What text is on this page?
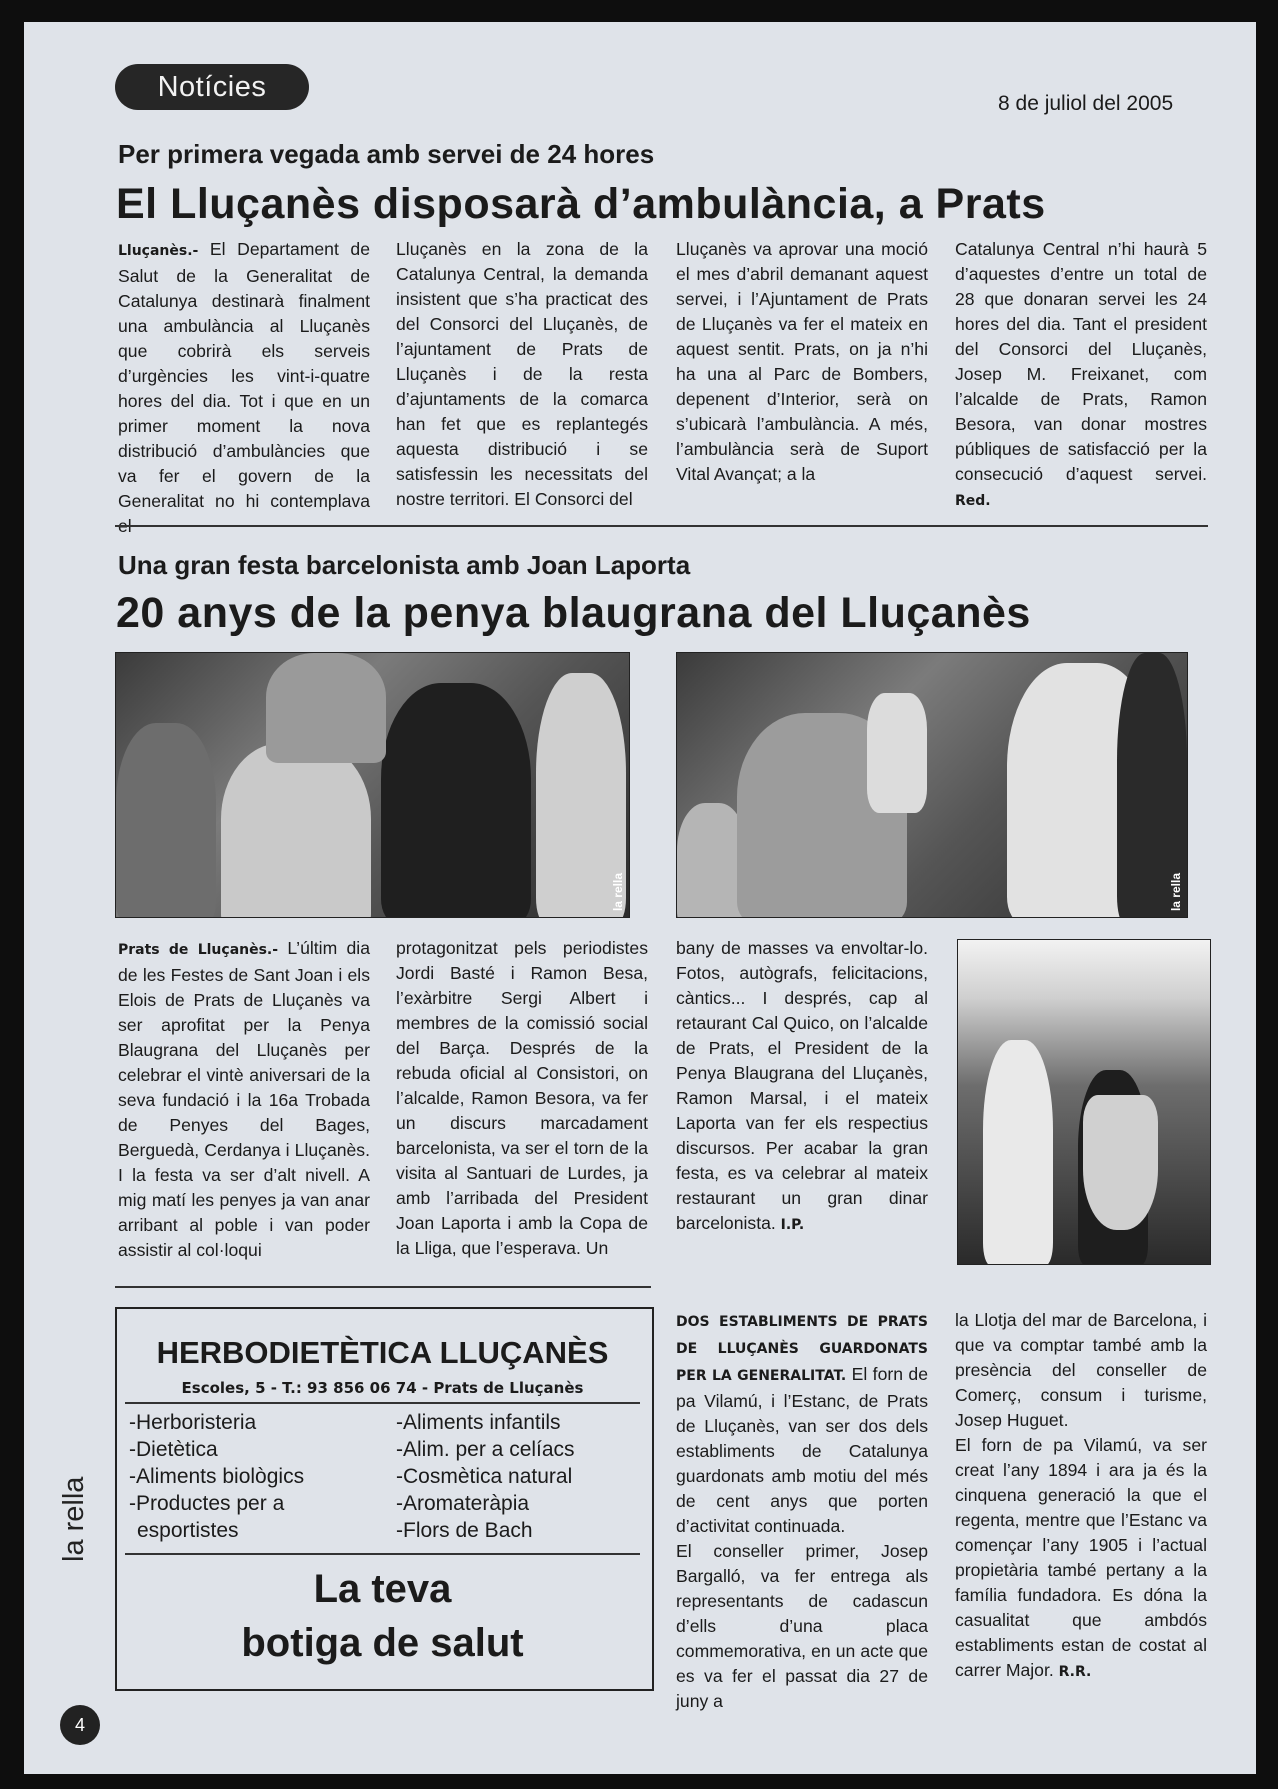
Notícies
8 de juliol del 2005
Per primera vegada amb servei de 24 hores
El Lluçanès disposarà d’ambulància, a Prats

Lluçanès.- El Departament de Salut de la Generalitat de Catalunya destinarà finalment una ambulància al Lluçanès que cobrirà els serveis d’urgències les vint-i-quatre hores del dia. Tot i que en un primer moment la nova distribució d’ambulàncies que va fer el govern de la Generalitat no hi contemplava

Lluçanès en la zona de la Catalunya Central, la demanda insistent que s’ha practicat des del Consorci del Lluçanès, de l’ajuntament de Prats de Lluçanès i de la resta d’ajuntaments de la comarca han fet que es replantegés aquesta distribució i se satisfessin les necessitats del nostre territori. El Consorci del

Lluçanès va aprovar una moció el mes d’abril demanant aquest servei, i l’Ajuntament de Prats de Lluçanès va fer el mateix en aquest sentit. Prats, on ja n’hi ha una al Parc de Bombers, depenent d’Interior, serà on s’ubicarà l’ambulància. A més, l’ambulància serà de Suport Vital Avançat; a la

Catalunya Central n’hi haurà 5 d’aquestes d’entre un total de 28 que donaran servei les 24 hores del dia. Tant el president del Consorci del Lluçanès, Josep M. Freixanet, com l’alcalde de Prats, Ramon Besora, van donar mostres públiques de satisfacció per la consecució d’aquest servei. Red.

Una gran festa barcelonista amb Joan Laporta
20 anys de la penya blaugrana del Lluçanès
la rella	la rella

Prats de Lluçanès.- L’últim dia de les Festes de Sant Joan i els Elois de Prats de Lluçanès va ser aprofitat per la Penya Blaugrana del Lluçanès per celebrar el vintè aniversari de la seva fundació i la 16a Trobada de Penyes del Bages, Berguedà, Cerdanya i Lluçanès. I la festa va ser d’alt nivell. A mig matí les penyes ja van anar arribant al poble i van poder assistir al col·loqui

protagonitzat pels periodistes Jordi Basté i Ramon Besa, l’exàrbitre Sergi Albert i membres de la comissió social del Barça. Després de la rebuda oficial al Consistori, on l’alcalde, Ramon Besora, va fer un discurs marcadament barcelonista, va ser el torn de la visita al Santuari de Lurdes, ja amb l’arribada del President Joan Laporta i amb la Copa de la Lliga, que l’esperava. Un

bany de masses va envoltar-lo. Fotos, autògrafs, felicitacions, càntics... I després, cap al retaurant Cal Quico, on l’alcalde de Prats, el President de la Penya Blaugrana del Lluçanès, Ramon Marsal, i el mateix Laporta van fer els respectius discursos. Per acabar la gran festa, es va celebrar al mateix restaurant un gran dinar barcelonista. I.P.

HERBODIETÈTICA LLUÇANÈS
Escoles, 5 - T.: 93 856 06 74 - Prats de Lluçanès
-Herboristeria
-Dietètica
-Aliments biològics
-Productes per a
esportistes
-Aliments infantils
-Alim. per a celíacs
-Cosmètica natural
-Aromateràpia
-Flors de Bach
La teva
botiga de salut

DOS ESTABLIMENTS DE PRATS DE LLUÇANÈS GUARDONATS PER LA GENERALITAT. El forn de pa Vilamú, i l’Estanc, de Prats de Lluçanès, van ser dos dels establiments de Catalunya guardonats amb motiu del més de cent anys que porten d’activitat continuada.

El conseller primer, Josep Bargalló, va fer entrega als representants de cadascun d’ells d’una placa commemorativa, en un acte que es va fer el passat dia 27 de juny a

la Llotja del mar de Barcelona, i que va comptar també amb la presència del conseller de Comerç, consum i turisme, Josep Huguet.

El forn de pa Vilamú, va ser creat l’any 1894 i ara ja és la cinquena generació la que el regenta, mentre que l’Estanc va començar l’any 1905 i l’actual propietària també pertany a la família fundadora. Es dóna la casualitat que ambdós establiments estan de costat al carrer Major. R.R.

la rella
4
